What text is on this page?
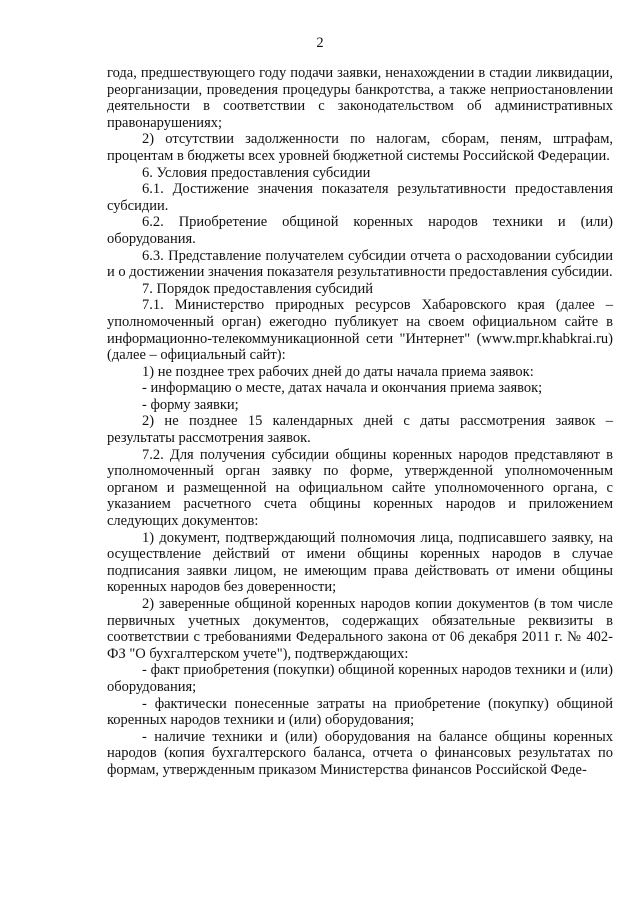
2

года, предшествующего году подачи заявки, ненахождении в стадии ликвидации, реорганизации, проведения процедуры банкротства, а также неприостановлении деятельности в соответствии с законодательством об административных правонарушениях;

2) отсутствии задолженности по налогам, сборам, пеням, штрафам, процентам в бюджеты всех уровней бюджетной системы Российской Федерации.

6. Условия предоставления субсидии

6.1. Достижение значения показателя результативности предоставления субсидии.

6.2. Приобретение общиной коренных народов техники и (или) оборудования.

6.3. Представление получателем субсидии отчета о расходовании субсидии и о достижении значения показателя результативности предоставления субсидии.

7. Порядок предоставления субсидий

7.1. Министерство природных ресурсов Хабаровского края (далее – уполномоченный орган) ежегодно публикует на своем официальном сайте в информационно-телекоммуникационной сети "Интернет" (www.mpr.khabkrai.ru) (далее – официальный сайт):

1) не позднее трех рабочих дней до даты начала приема заявок:

- информацию о месте, датах начала и окончания приема заявок;

- форму заявки;

2) не позднее 15 календарных дней с даты рассмотрения заявок – результаты рассмотрения заявок.

7.2. Для получения субсидии общины коренных народов представляют в уполномоченный орган заявку по форме, утвержденной уполномоченным органом и размещенной на официальном сайте уполномоченного органа, с указанием расчетного счета общины коренных народов и приложением следующих документов:

1) документ, подтверждающий полномочия лица, подписавшего заявку, на осуществление действий от имени общины коренных народов в случае подписания заявки лицом, не имеющим права действовать от имени общины коренных народов без доверенности;

2) заверенные общиной коренных народов копии документов (в том числе первичных учетных документов, содержащих обязательные реквизиты в соответствии с требованиями Федерального закона от 06 декабря 2011 г. № 402-ФЗ "О бухгалтерском учете"), подтверждающих:

- факт приобретения (покупки) общиной коренных народов техники и (или) оборудования;

- фактически понесенные затраты на приобретение (покупку) общиной коренных народов техники и (или) оборудования;

- наличие техники и (или) оборудования на балансе общины коренных народов (копия бухгалтерского баланса, отчета о финансовых результатах по формам, утвержденным приказом Министерства финансов Российской Феде-
